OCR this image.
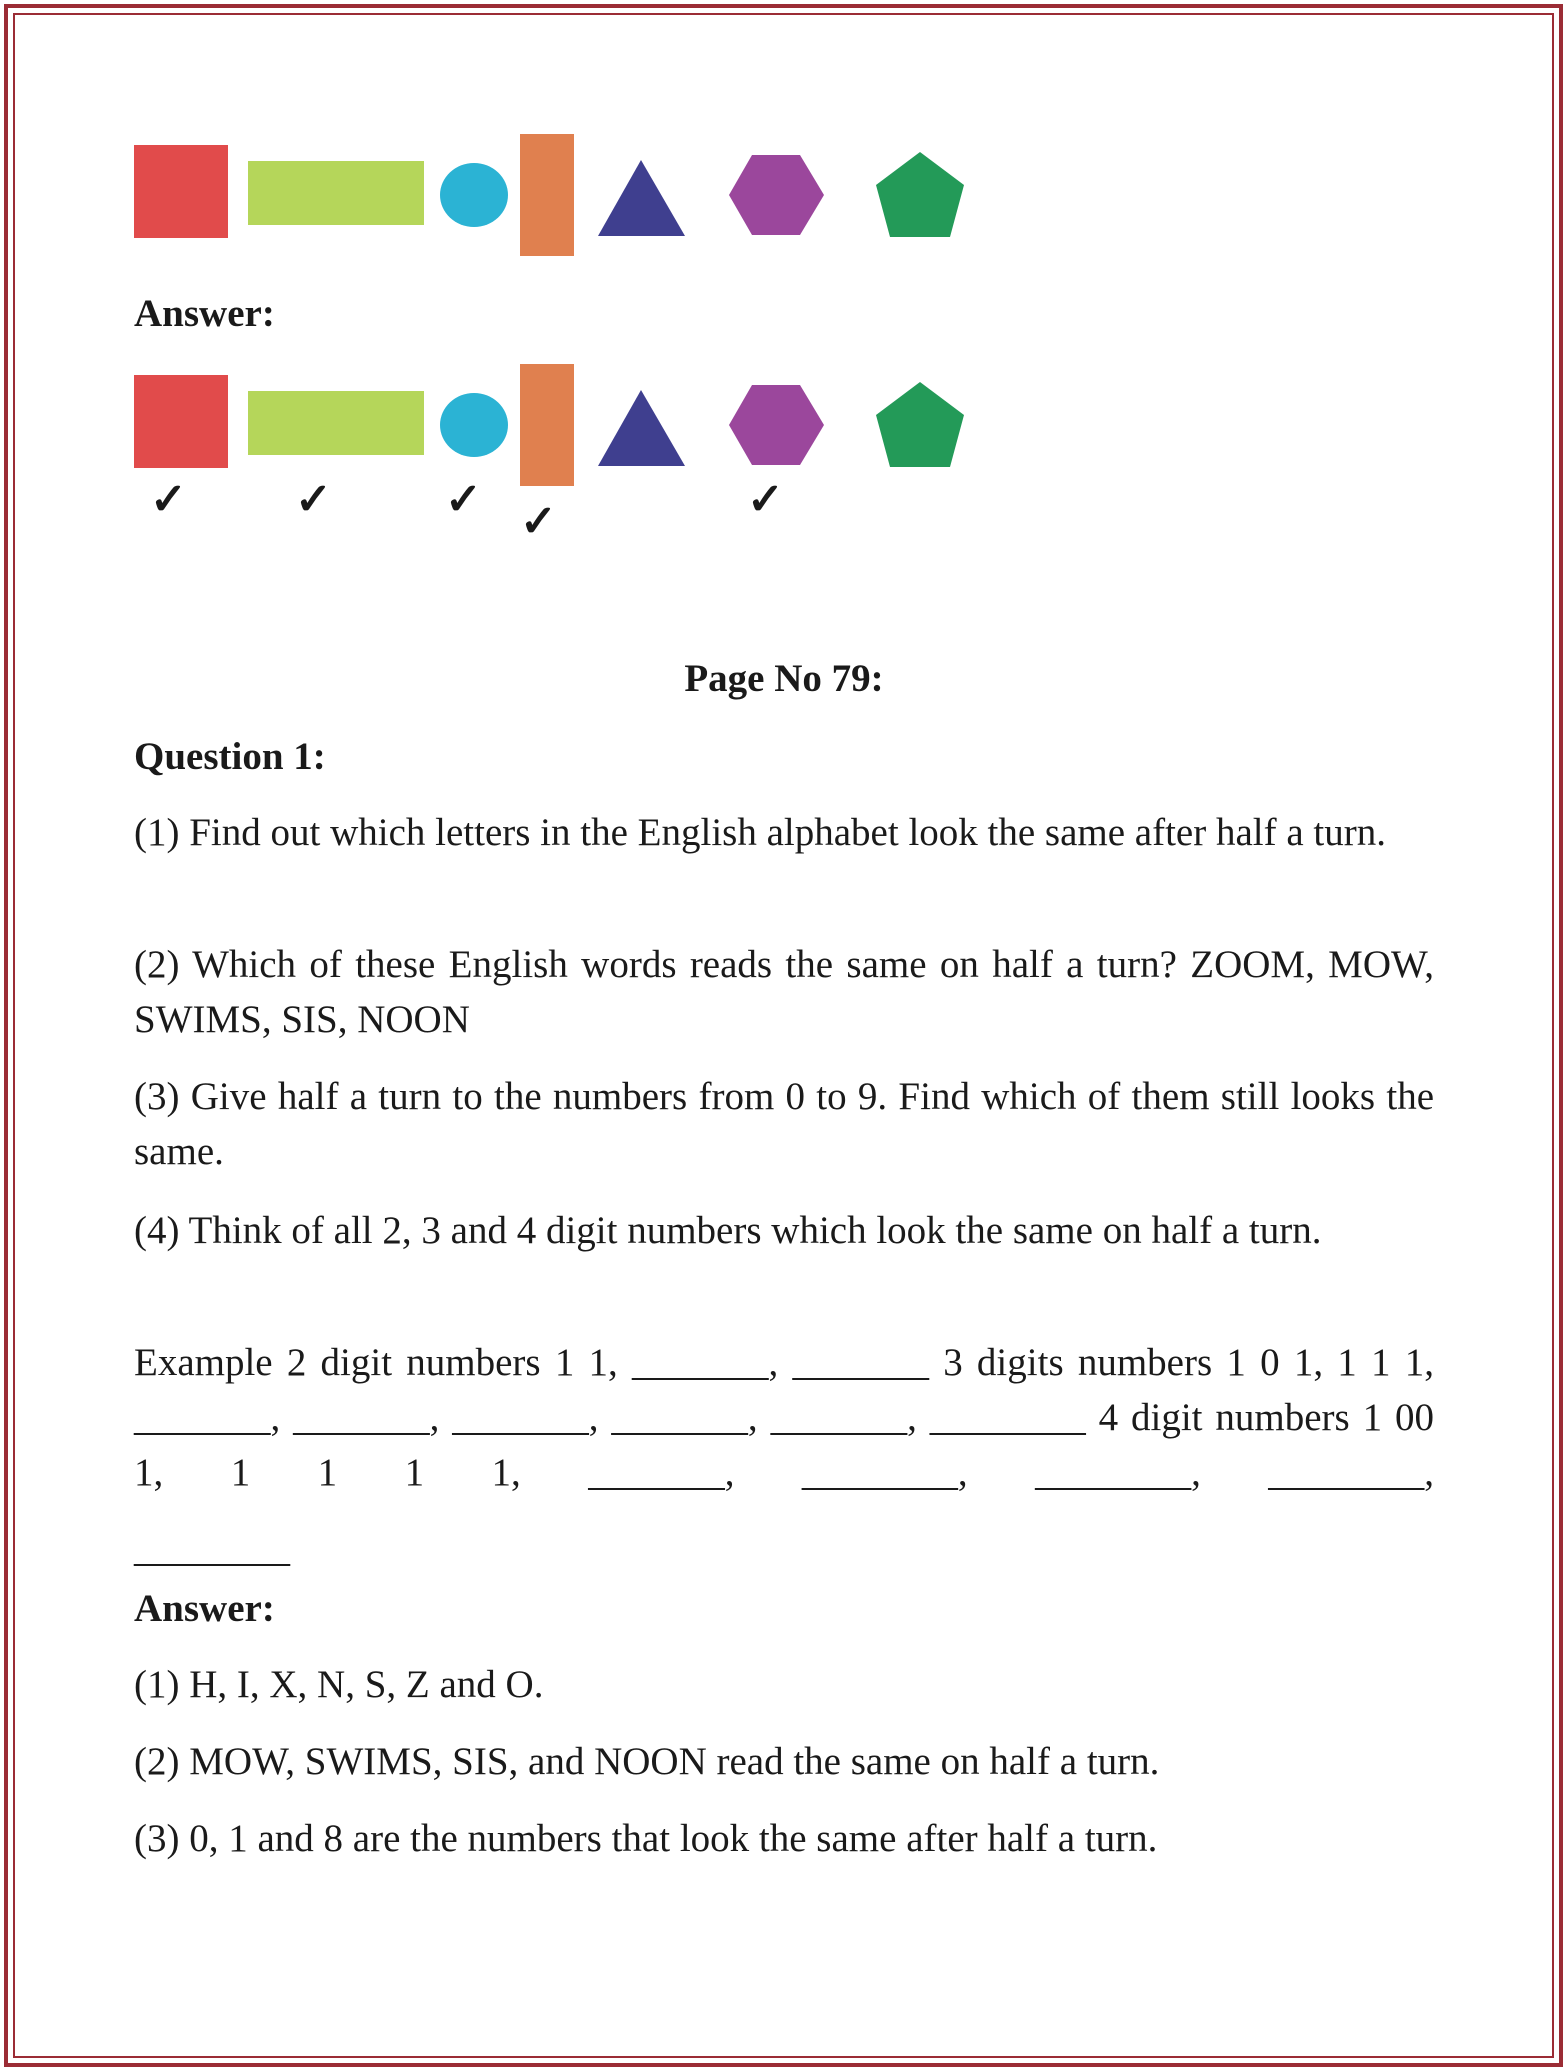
Answer:
✓ ✓	✓ ✓	✓
Page No 79:
Question 1:
(1) Find out which letters in the English alphabet look the same after half a turn.
(2) Which of these English words reads the same on half a turn? ZOOM, MOW, SWIMS, SIS, NOON
(3) Give half a turn to the numbers from 0 to 9. Find which of them still looks the same.
(4) Think of all 2, 3 and 4 digit numbers which look the same on half a turn.
Example 2 digit numbers 1 1, _______, _______ 3 digits numbers 1 0 1, 1 1 1, _______, _______, _______, _______, _______, ________ 4 digit numbers 1 00 1, 1 1 1 1, _______, ________, ________, ________,
________
Answer:
(1) H, I, X, N, S, Z and O.
(2) MOW, SWIMS, SIS, and NOON read the same on half a turn.
(3) 0, 1 and 8 are the numbers that look the same after half a turn.
